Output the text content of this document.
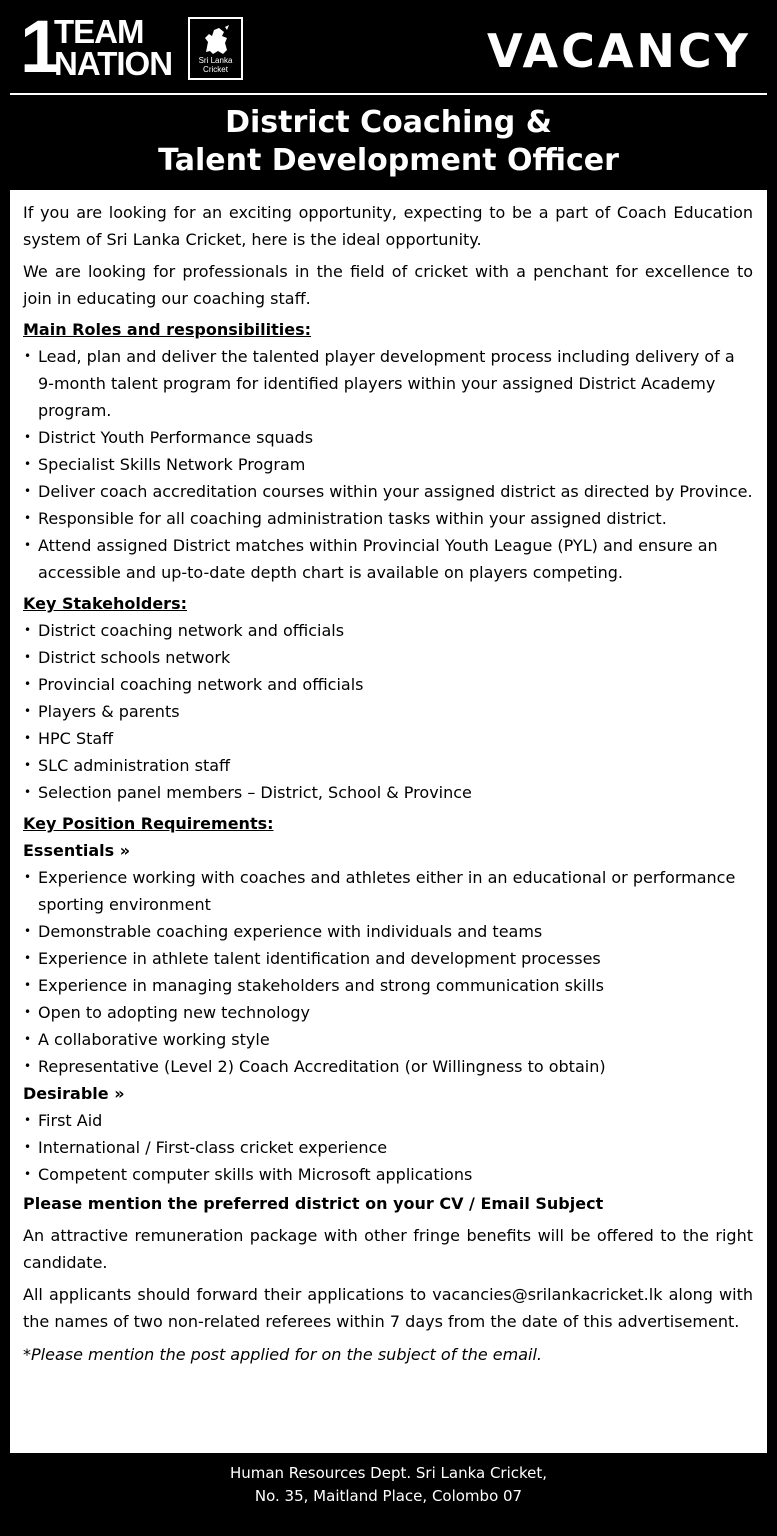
1
TEAM
NATION	Sri Lanka
Cricket	VACANCY
District Coaching &
Talent Development Officer

If you are looking for an exciting opportunity, expecting to be a part of Coach Education system of Sri Lanka Cricket, here is the ideal opportunity.

We are looking for professionals in the field of cricket with a penchant for excellence to join in educating our coaching staff.

Main Roles and responsibilities:

• Lead, plan and deliver the talented player development process including delivery of a 9-month talent program for identified players within your assigned District Academy program.
• District Youth Performance squads
• Specialist Skills Network Program
• Deliver coach accreditation courses within your assigned district as directed by Province.
• Responsible for all coaching administration tasks within your assigned district.
• Attend assigned District matches within Provincial Youth League (PYL) and ensure an accessible and up-to-date depth chart is available on players competing.

Key Stakeholders:

• District coaching network and officials
• District schools network
• Provincial coaching network and officials
• Players & parents
• HPC Staff
• SLC administration staff
• Selection panel members – District, School & Province

Key Position Requirements:

Essentials »

• Experience working with coaches and athletes either in an educational or performance sporting environment
• Demonstrable coaching experience with individuals and teams
• Experience in athlete talent identification and development processes
• Experience in managing stakeholders and strong communication skills
• Open to adopting new technology
• A collaborative working style
• Representative (Level 2) Coach Accreditation (or Willingness to obtain)

Desirable »

• First Aid
• International / First-class cricket experience
• Competent computer skills with Microsoft applications

Please mention the preferred district on your CV / Email Subject

An attractive remuneration package with other fringe benefits will be offered to the right candidate.

All applicants should forward their applications to vacancies@srilankacricket.lk along with the names of two non-related referees within 7 days from the date of this advertisement.

*Please mention the post applied for on the subject of the email.

Human Resources Dept. Sri Lanka Cricket,
No. 35, Maitland Place, Colombo 07
